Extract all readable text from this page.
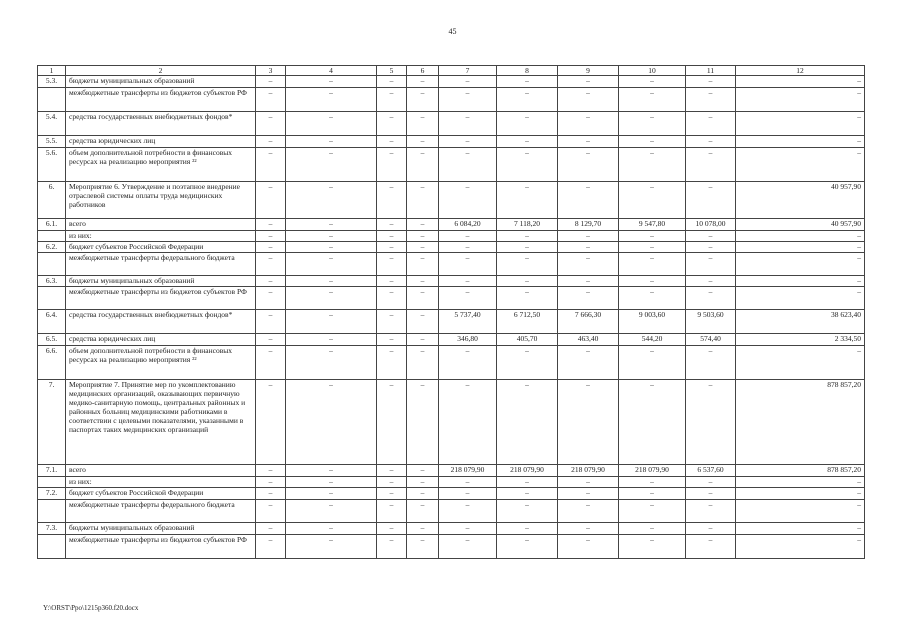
45
1	2	3	4	5	6	7	8	9	10	11	12
5.3.	бюджеты муниципальных образований	–	–	–	–	–	–	–	–	–	–
	межбюджетные трансферты из бюджетов субъектов РФ	–	–	–	–	–	–	–	–	–	–
5.4.	средства государственных внебюджетных фондов*	–	–	–	–	–	–	–	–	–	–
5.5.	средства юридических лиц	–	–	–	–	–	–	–	–	–	–
5.6.	объем дополнительной потребности в финансовых ресурсах на реализацию мероприятия ²²	–	–	–	–	–	–	–	–	–	–
6.	Мероприятие 6. Утверждение и поэтапное внедрение отраслевой системы оплаты труда медицинских работников	–	–	–	–	–	–	–	–	–	40 957,90
6.1.	всего	–	–	–	–	6 084,20	7 118,20	8 129,70	9 547,80	10 078,00	40 957,90
	из них:	–	–	–	–	–	–	–	–	–	–
6.2.	бюджет субъектов Российской Федерации	–	–	–	–	–	–	–	–	–	–
	межбюджетные трансферты федерального бюджета	–	–	–	–	–	–	–	–	–	–
6.3.	бюджеты муниципальных образований	–	–	–	–	–	–	–	–	–	–
	межбюджетные трансферты из бюджетов субъектов РФ	–	–	–	–	–	–	–	–	–	–
6.4.	средства государственных внебюджетных фондов*	–	–	–	–	5 737,40	6 712,50	7 666,30	9 003,60	9 503,60	38 623,40
6.5.	средства юридических лиц	–	–	–	–	346,80	405,70	463,40	544,20	574,40	2 334,50
6.6.	объем дополнительной потребности в финансовых ресурсах на реализацию мероприятия ²²	–	–	–	–	–	–	–	–	–	–
7.	Мероприятие 7. Принятие мер по укомплектованию медицинских организаций, оказывающих первичную медико-санитарную помощь, центральных районных и районных больниц медицинскими работниками в соответствии с целевыми показателями, указанными в паспортах таких медицинских организаций	–	–	–	–	–	–	–	–	–	878 857,20
7.1.	всего	–	–	–	–	218 079,90	218 079,90	218 079,90	218 079,90	6 537,60	878 857,20
	из них:	–	–	–	–	–	–	–	–	–	–
7.2.	бюджет субъектов Российской Федерации	–	–	–	–	–	–	–	–	–	–
	межбюджетные трансферты федерального бюджета	–	–	–	–	–	–	–	–	–	–
7.3.	бюджеты муниципальных образований	–	–	–	–	–	–	–	–	–	–
	межбюджетные трансферты из бюджетов субъектов РФ	–	–	–	–	–	–	–	–	–	–
Y:\ORST\Ppo\1215p360.f20.docx
